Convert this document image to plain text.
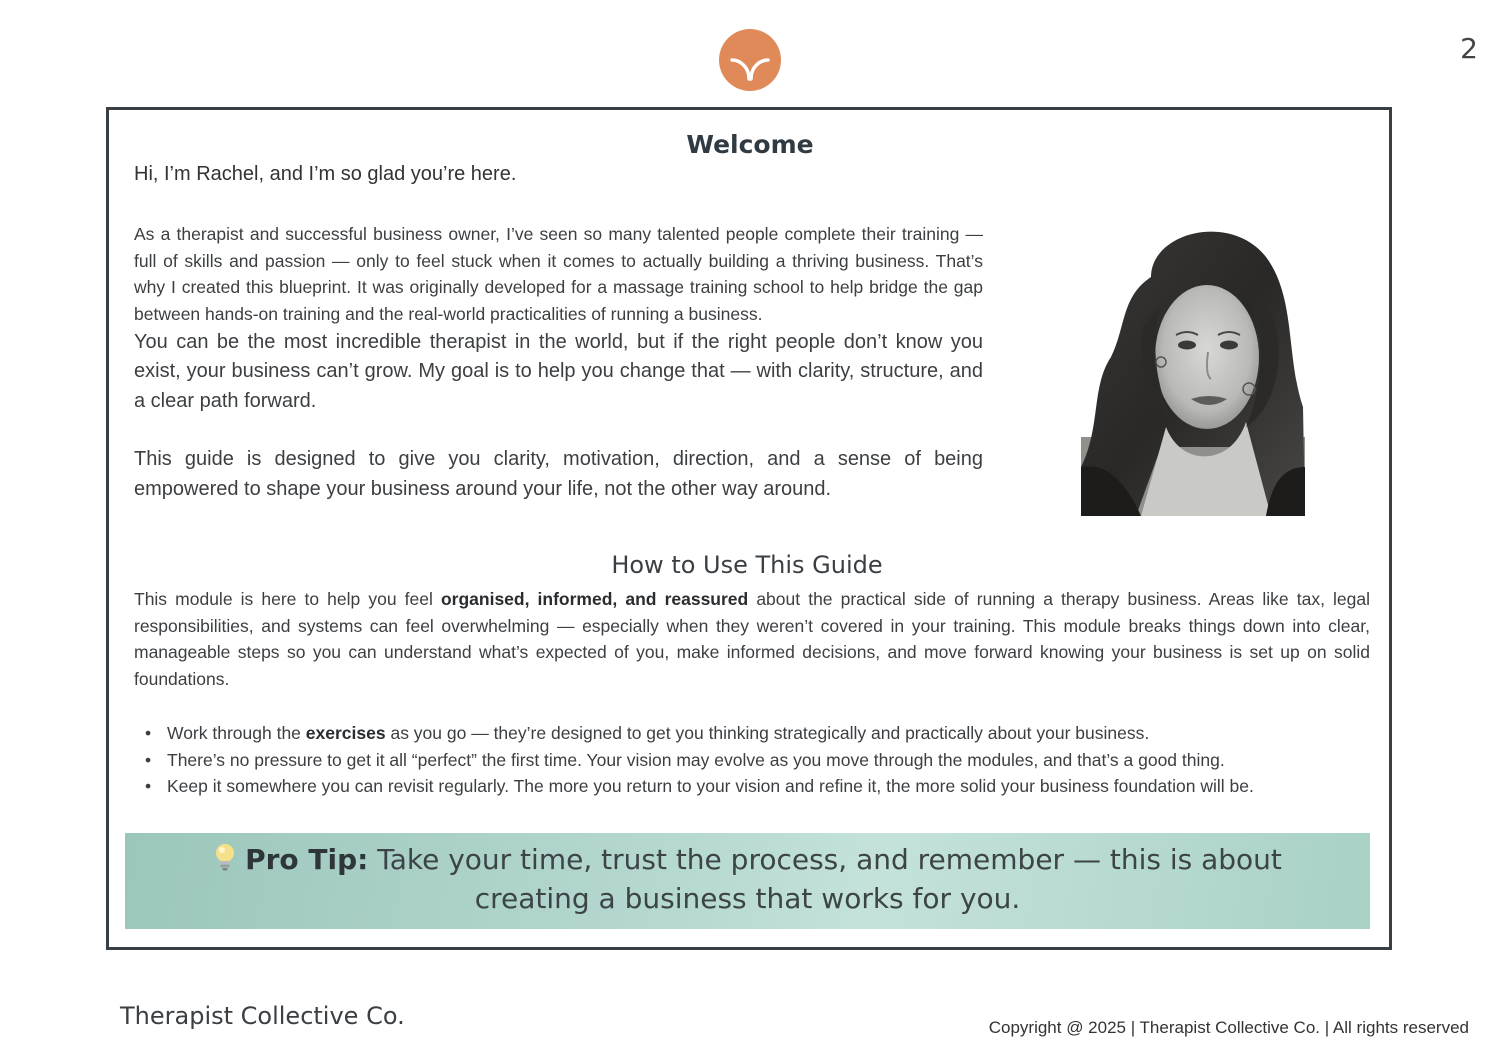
2
Welcome
Hi, I’m Rachel, and I’m so glad you’re here.

As a therapist and successful business owner, I’ve seen so many talented people complete their training — full of skills and passion — only to feel stuck when it comes to actually building a thriving business. That’s why I created this blueprint. It was originally developed for a massage training school to help bridge the gap between hands-on training and the real-world practicalities of running a business.

You can be the most incredible therapist in the world, but if the right people don’t know you exist, your business can’t grow. My goal is to help you change that — with clarity, structure, and a clear path forward.

This guide is designed to give you clarity, motivation, direction, and a sense of being empowered to shape your business around your life, not the other way around.

How to Use This Guide

This module is here to help you feel organised, informed, and reassured about the practical side of running a therapy business. Areas like tax, legal responsibilities, and systems can feel overwhelming — especially when they weren’t covered in your training. This module breaks things down into clear, manageable steps so you can understand what’s expected of you, make informed decisions, and move forward knowing your business is set up on solid foundations.

• Work through the exercises as you go — they’re designed to get you thinking strategically and practically about your business.
• There’s no pressure to get it all “perfect” the first time. Your vision may evolve as you move through the modules, and that’s a good thing.
• Keep it somewhere you can revisit regularly. The more you return to your vision and refine it, the more solid your business foundation will be.
Pro Tip: Take your time, trust the process, and remember — this is about
creating a business that works for you.
Therapist Collective Co.	Copyright @ 2025 | Therapist Collective Co. | All rights reserved
